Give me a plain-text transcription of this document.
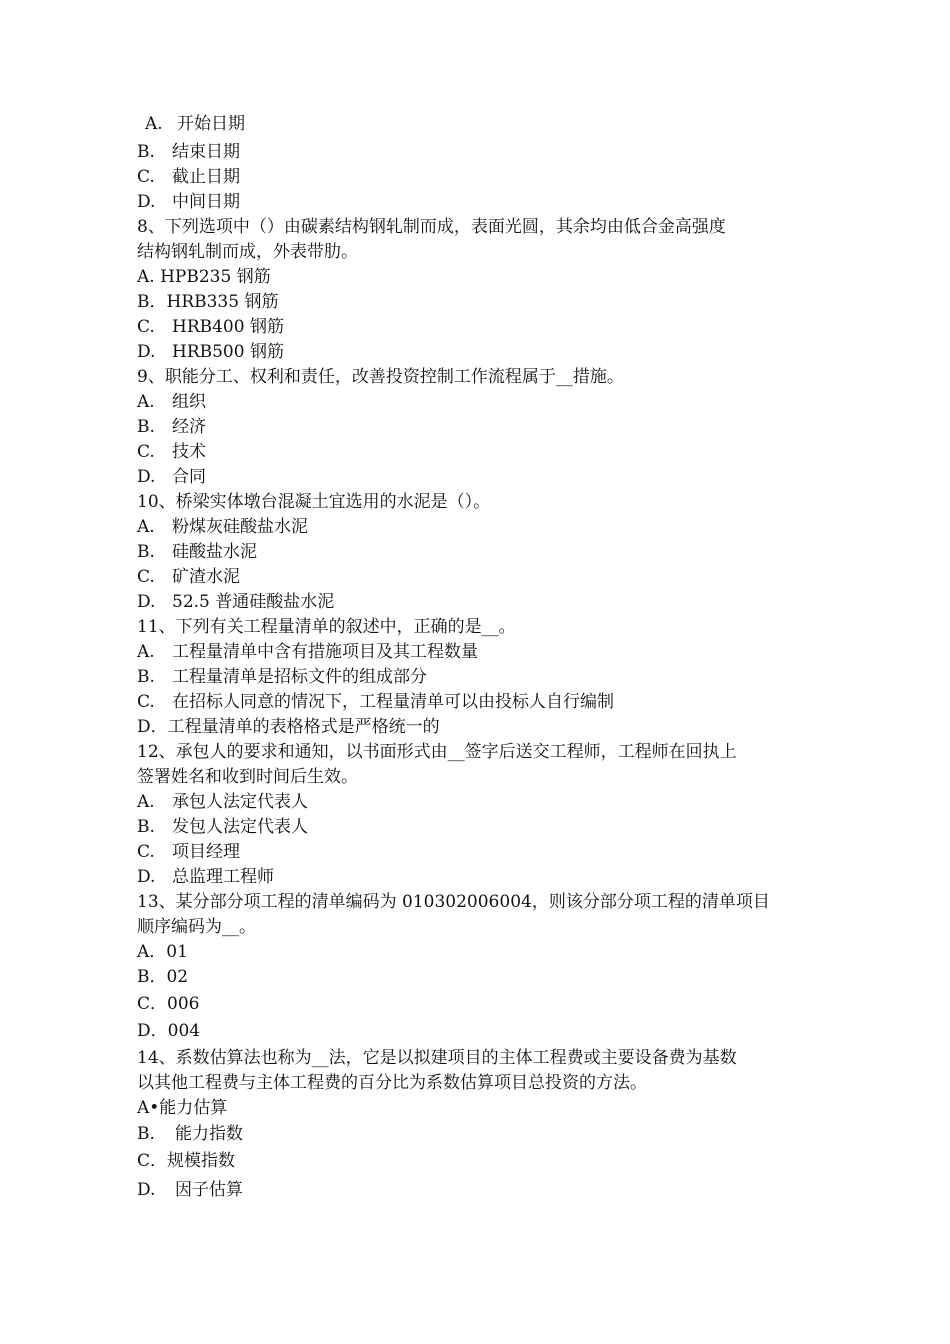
A. 开始日期
B. 结束日期
C. 截止日期
D. 中间日期
8、下列选项中（）由碳素结构钢轧制而成，表面光圆，其余均由低合金高强度
结构钢轧制而成，外表带肋。
A. HPB235 钢筋
B．HRB335 钢筋
C. HRB400 钢筋
D. HRB500 钢筋
9、职能分工、权利和责任，改善投资控制工作流程属于__措施。
A. 组织
B. 经济
C. 技术
D. 合同
10、桥梁实体墩台混凝土宜选用的水泥是（）。
A. 粉煤灰硅酸盐水泥
B. 硅酸盐水泥
C. 矿渣水泥
D. 52.5 普通硅酸盐水泥
11、下列有关工程量清单的叙述中，正确的是__。
A. 工程量清单中含有措施项目及其工程数量
B. 工程量清单是招标文件的组成部分
C. 在招标人同意的情况下，工程量清单可以由投标人自行编制
D．工程量清单的表格格式是严格统一的
12、承包人的要求和通知，以书面形式由__签字后送交工程师，工程师在回执上
签署姓名和收到时间后生效。
A. 承包人法定代表人
B. 发包人法定代表人
C. 项目经理
D. 总监理工程师
13、某分部分项工程的清单编码为 010302006004，则该分部分项工程的清单项目
顺序编码为__。
A．01
B．02
C．006
D．004
14、系数估算法也称为__法，它是以拟建项目的主体工程费或主要设备费为基数
以其他工程费与主体工程费的百分比为系数估算项目总投资的方法。
A•能力估算
B. 能力指数
C．规模指数
D. 因子估算
